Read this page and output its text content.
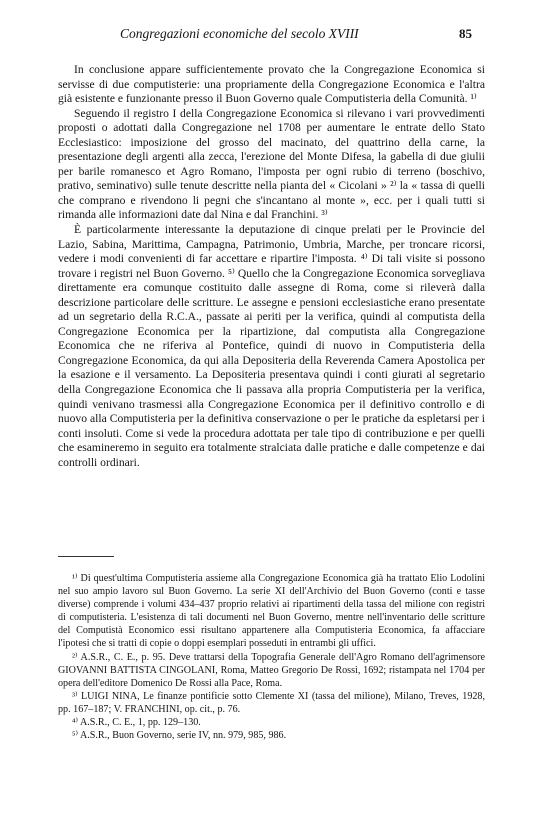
Congregazioni economiche del secolo XVIII	85

In conclusione appare sufficientemente provato che la Congregazione Economica si servisse di due computisterie: una propriamente della Congregazione Economica e l'altra già esistente e funzionante presso il Buon Governo quale Computisteria della Comunità. ¹⁾

Seguendo il registro I della Congregazione Economica si rilevano i vari provvedimenti proposti o adottati dalla Congregazione nel 1708 per aumentare le entrate dello Stato Ecclesiastico: imposizione del grosso del macinato, del quattrino della carne, la presentazione degli argenti alla zecca, l'erezione del Monte Difesa, la gabella di due giulii per barile romanesco et Agro Romano, l'imposta per ogni rubio di terreno (boschivo, prativo, seminativo) sulle tenute descritte nella pianta del « Cicolani » ²⁾ la « tassa di quelli che comprano e rivendono li pegni che s'incantano al monte », ecc. per i quali tutti si rimanda alle informazioni date dal Nina e dal Franchini. ³⁾

È particolarmente interessante la deputazione di cinque prelati per le Provincie del Lazio, Sabina, Marittima, Campagna, Patrimonio, Umbria, Marche, per troncare ricorsi, vedere i modi convenienti di far accettare e ripartire l'imposta. ⁴⁾ Di tali visite si possono trovare i registri nel Buon Governo. ⁵⁾ Quello che la Congregazione Economica sorvegliava direttamente era comunque costituito dalle assegne di Roma, come si rileverà dalla descrizione particolare delle scritture. Le assegne e pensioni ecclesiastiche erano presentate ad un segretario della R.C.A., passate ai periti per la verifica, quindi al computista della Congregazione Economica per la ripartizione, dal computista alla Congregazione Economica che ne riferiva al Pontefice, quindi di nuovo in Computisteria della Congregazione Economica, da qui alla Depositeria della Reverenda Camera Apostolica per la esazione e il versamento. La Depositeria presentava quindi i conti giurati al segretario della Congregazione Economica che li passava alla propria Computisteria per la verifica, quindi venivano trasmessi alla Congregazione Economica per il definitivo controllo e di nuovo alla Computisteria per la definitiva conservazione o per le pratiche da espletarsi per i conti insoluti. Come si vede la procedura adottata per tale tipo di contribuzione e per quelli che esamineremo in seguito era totalmente stralciata dalle pratiche e dalle competenze e dai controlli ordinari.

¹⁾ Di quest'ultima Computisteria assieme alla Congregazione Economica già ha trattato Elio Lodolini nel suo ampio lavoro sul Buon Governo. La serie XI dell'Archivio del Buon Governo (conti e tasse diverse) comprende i volumi 434–437 proprio relativi ai ripartimenti della tassa del milione con registri di computisteria. L'esistenza di tali documenti nel Buon Governo, mentre nell'inventario delle scritture del Computistà Economico essi risultano appartenere alla Computisteria Economica, fa affacciare l'ipotesi che si tratti di copie o doppi esemplari posseduti in entrambi gli uffici.

²⁾ A.S.R., C. E., p. 95. Deve trattarsi della Topografia Generale dell'Agro Romano dell'agrimensore GIOVANNI BATTISTA CINGOLANI, Roma, Matteo Gregorio De Rossi, 1692; ristampata nel 1704 per opera dell'editore Domenico De Rossi alla Pace, Roma.

³⁾ LUIGI NINA, Le finanze pontificie sotto Clemente XI (tassa del milione), Milano, Treves, 1928, pp. 167–187; V. FRANCHINI, op. cit., p. 76.

⁴⁾ A.S.R., C. E., 1, pp. 129–130.

⁵⁾ A.S.R., Buon Governo, serie IV, nn. 979, 985, 986.
